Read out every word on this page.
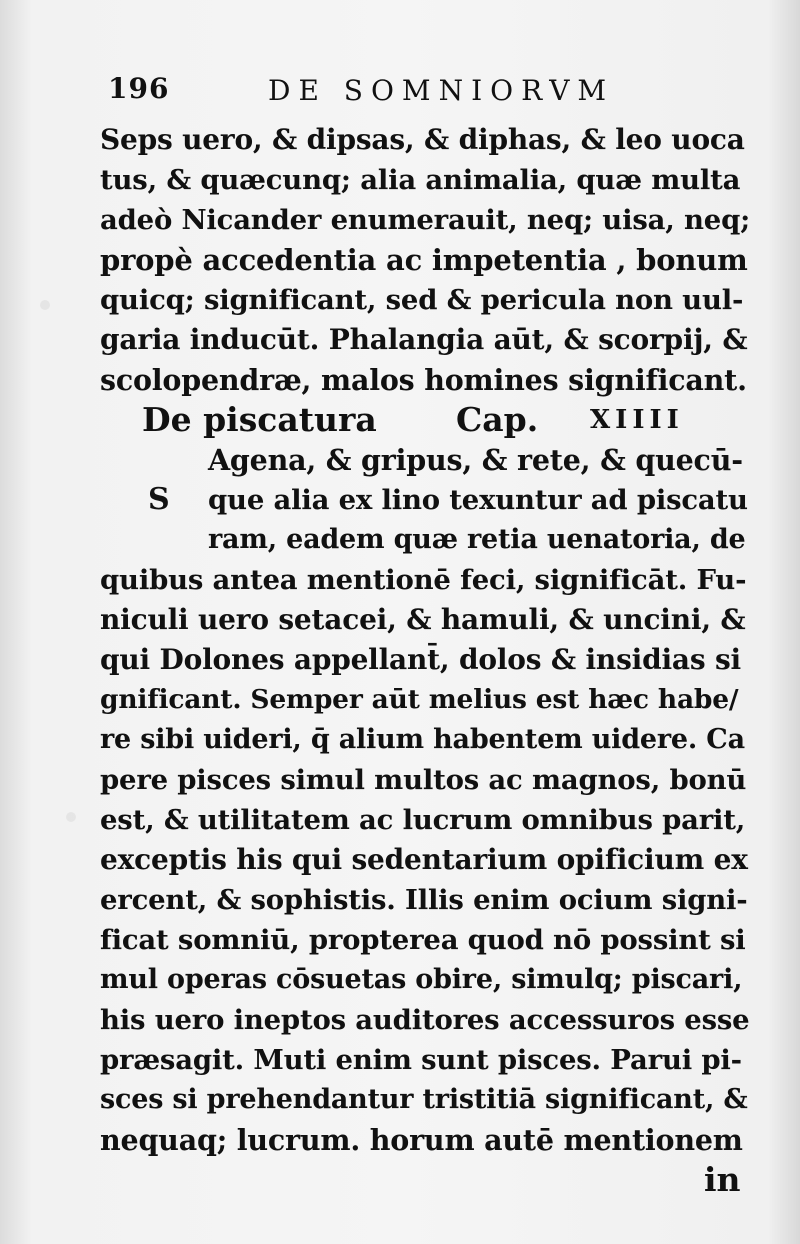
196	DE SOMNIORVM
Seps uero, & dipsas, & diphas, & leo uoca
tus, & quæcunq; alia animalia, quæ multa
adeò Nicander enumerauit, neq; uisa, neq;
propè accedentia ac impetentia , bonum
quicq; significant, sed & pericula non uul-
garia inducūt. Phalangia aūt, & scorpij, &
scolopendræ, malos homines significant.
De piscatura Cap. XIIII
Agena, & gripus, & rete, & quecū-
S que alia ex lino texuntur ad piscatu
ram, eadem quæ retia uenatoria, de
quibus antea mentionē feci, significāt. Fu-
niculi uero setacei, & hamuli, & uncini, &
qui Dolones appellant̄, dolos & insidias si
gnificant. Semper aūt melius est hæc habe/
re sibi uideri, q̄ alium habentem uidere. Ca
pere pisces simul multos ac magnos, bonū
est, & utilitatem ac lucrum omnibus parit,
exceptis his qui sedentarium opificium ex
ercent, & sophistis. Illis enim ocium signi-
ficat somniū, propterea quod nō possint si
mul operas cōsuetas obire, simulq; piscari,
his uero ineptos auditores accessuros esse
præsagit. Muti enim sunt pisces. Parui pi-
sces si prehendantur tristitiā significant, &
nequaq; lucrum. horum autē mentionem
in
